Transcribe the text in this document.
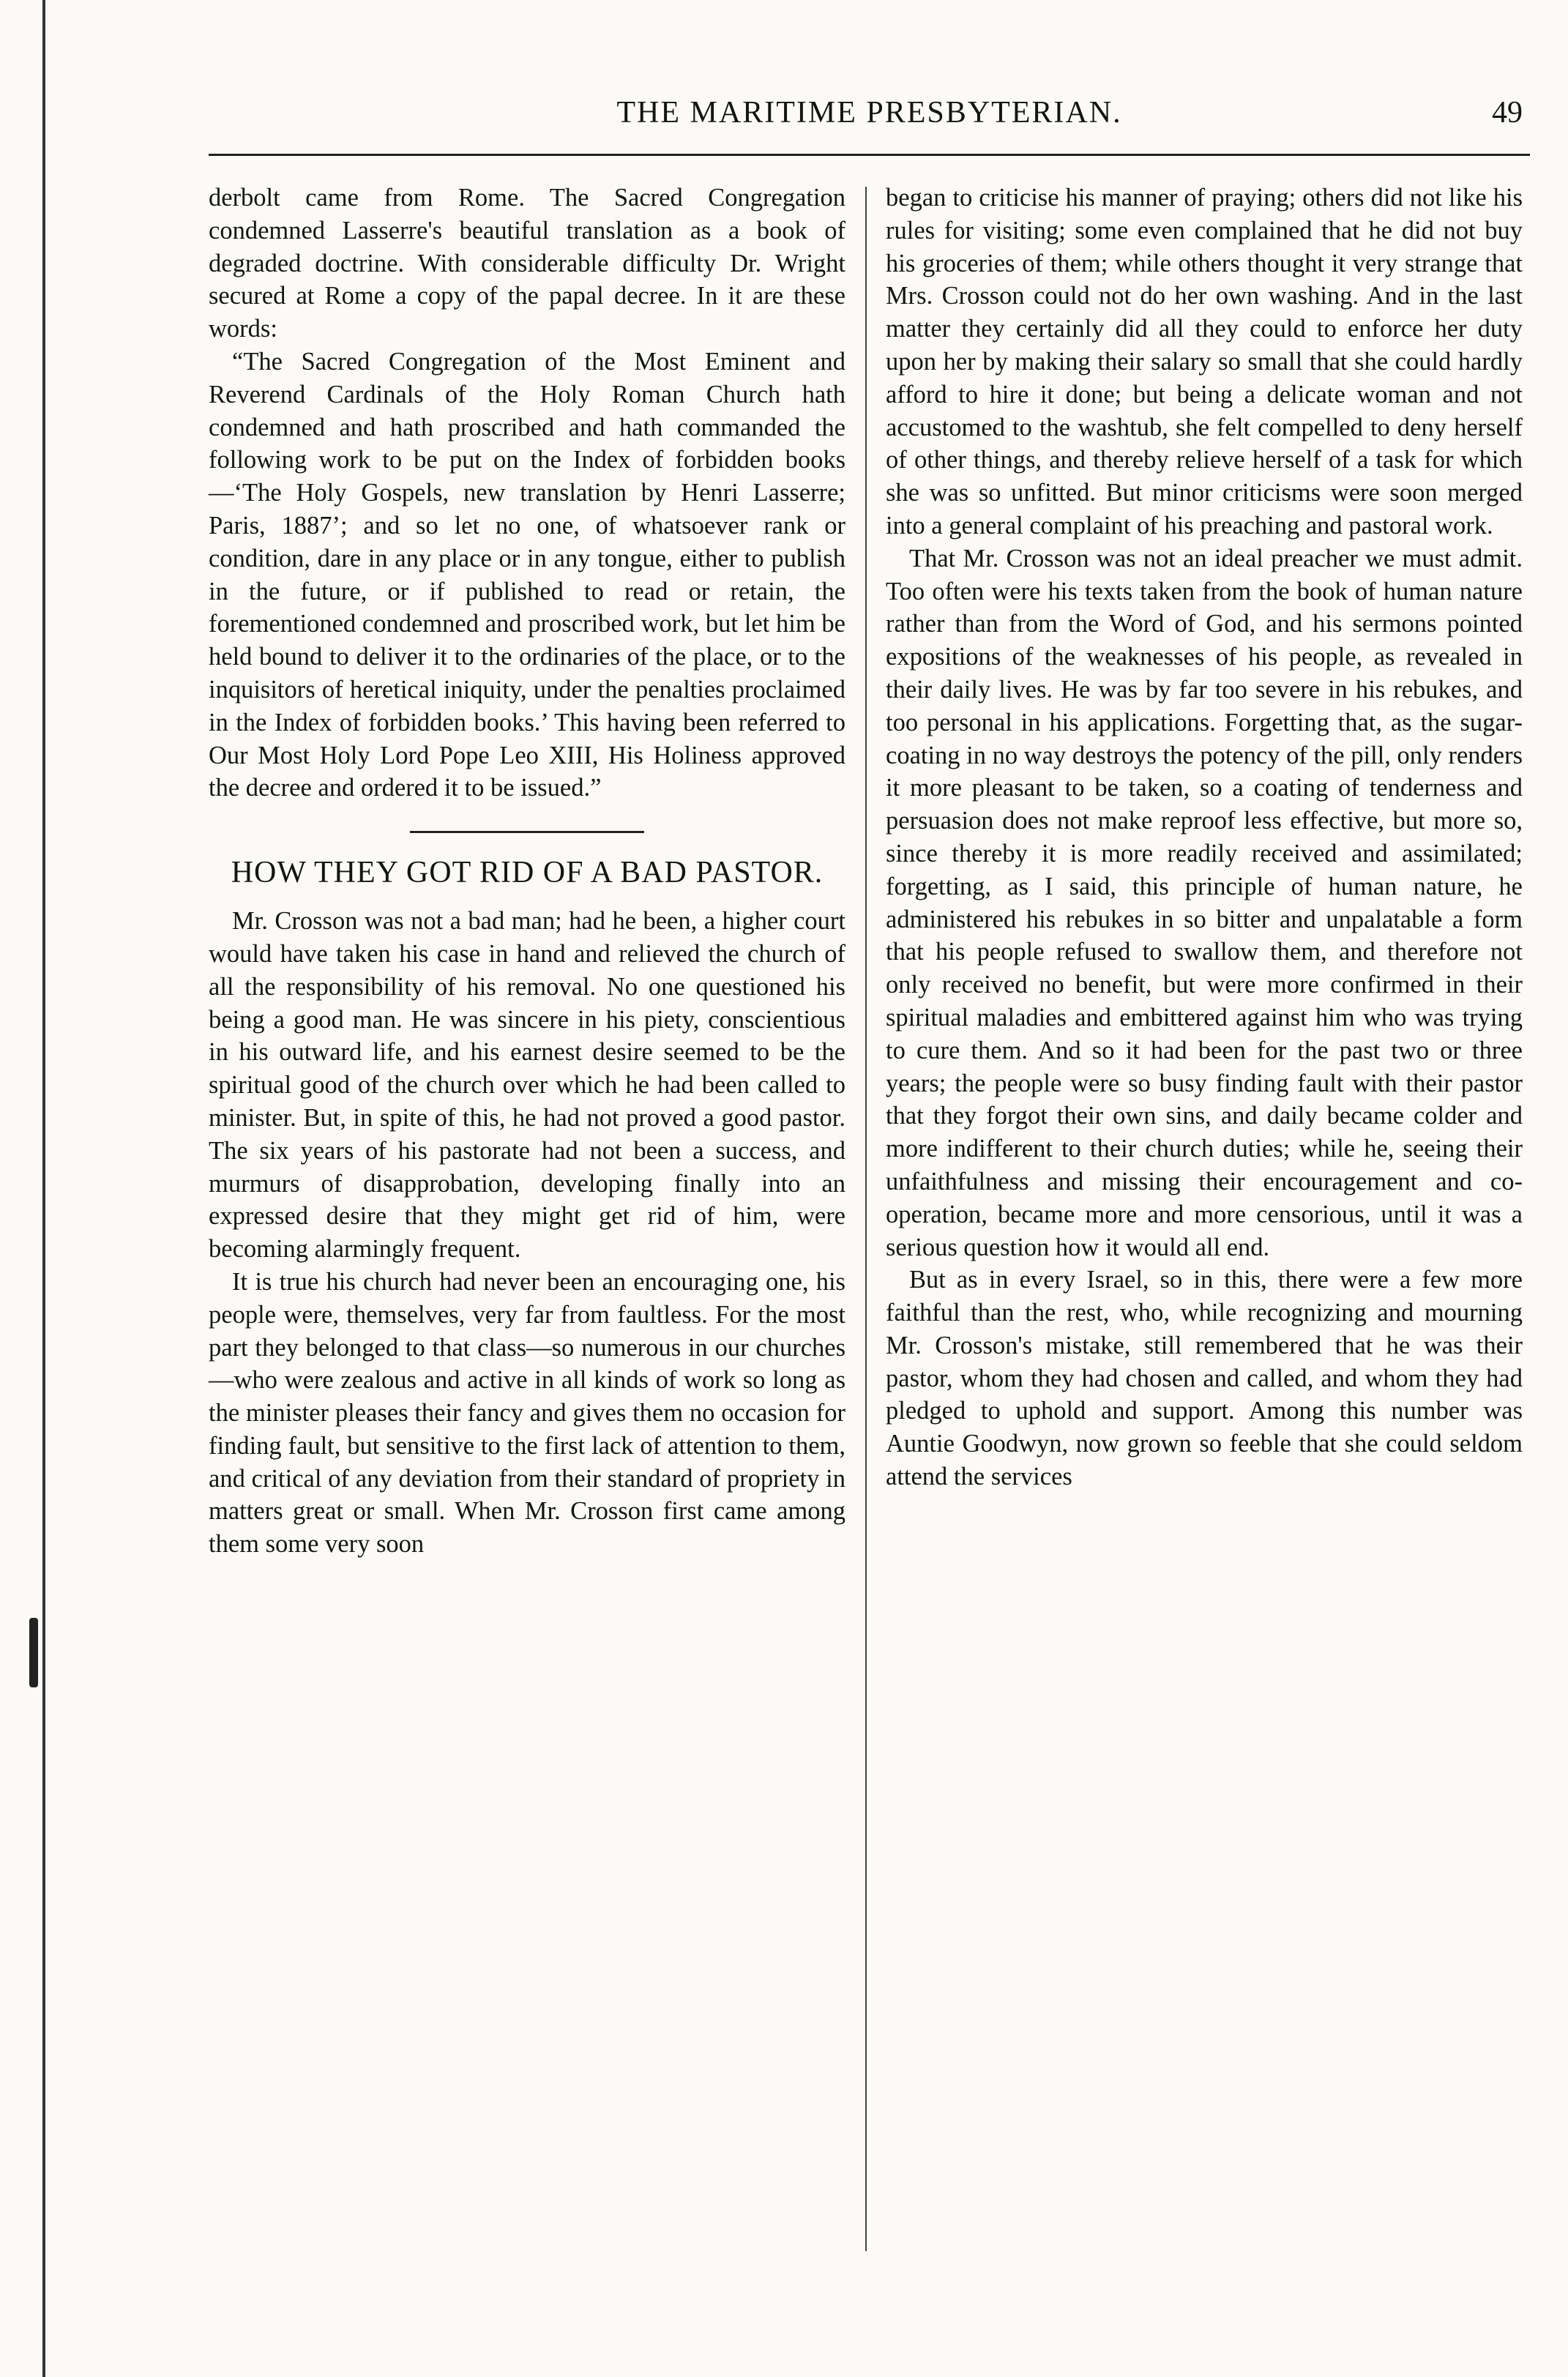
THE MARITIME PRESBYTERIAN.	49

derbolt came from Rome. The Sacred Congregation condemned Lasserre's beautiful translation as a book of degraded doctrine. With considerable difficulty Dr. Wright secured at Rome a copy of the papal decree. In it are these words:

“The Sacred Congregation of the Most Eminent and Reverend Cardinals of the Holy Roman Church hath condemned and hath proscribed and hath commanded the following work to be put on the Index of forbidden books—‘The Holy Gospels, new translation by Henri Lasserre; Paris, 1887’; and so let no one, of whatsoever rank or condition, dare in any place or in any tongue, either to publish in the future, or if published to read or retain, the forementioned condemned and proscribed work, but let him be held bound to deliver it to the ordinaries of the place, or to the inquisitors of heretical iniquity, under the penalties proclaimed in the Index of forbidden books.’ This having been referred to Our Most Holy Lord Pope Leo XIII, His Holiness approved the decree and ordered it to be issued.”

HOW THEY GOT RID OF A BAD PASTOR.

Mr. Crosson was not a bad man; had he been, a higher court would have taken his case in hand and relieved the church of all the responsibility of his removal. No one questioned his being a good man. He was sincere in his piety, conscientious in his outward life, and his earnest desire seemed to be the spiritual good of the church over which he had been called to minister. But, in spite of this, he had not proved a good pastor. The six years of his pastorate had not been a success, and murmurs of disapprobation, developing finally into an expressed desire that they might get rid of him, were becoming alarmingly frequent.

It is true his church had never been an encouraging one, his people were, themselves, very far from faultless. For the most part they belonged to that class—so numerous in our churches—who were zealous and active in all kinds of work so long as the minister pleases their fancy and gives them no occasion for finding fault, but sensitive to the first lack of attention to them, and critical of any deviation from their standard of propriety in matters great or small. When Mr. Crosson first came among them some very soon

began to criticise his manner of praying; others did not like his rules for visiting; some even complained that he did not buy his groceries of them; while others thought it very strange that Mrs. Crosson could not do her own washing. And in the last matter they certainly did all they could to enforce her duty upon her by making their salary so small that she could hardly afford to hire it done; but being a delicate woman and not accustomed to the washtub, she felt compelled to deny herself of other things, and thereby relieve herself of a task for which she was so unfitted. But minor criticisms were soon merged into a general complaint of his preaching and pastoral work.

That Mr. Crosson was not an ideal preacher we must admit. Too often were his texts taken from the book of human nature rather than from the Word of God, and his sermons pointed expositions of the weaknesses of his people, as revealed in their daily lives. He was by far too severe in his rebukes, and too personal in his applications. Forgetting that, as the sugar-coating in no way destroys the potency of the pill, only renders it more pleasant to be taken, so a coating of tenderness and persuasion does not make reproof less effective, but more so, since thereby it is more readily received and assimilated; forgetting, as I said, this principle of human nature, he administered his rebukes in so bitter and unpalatable a form that his people refused to swallow them, and therefore not only received no benefit, but were more confirmed in their spiritual maladies and embittered against him who was trying to cure them. And so it had been for the past two or three years; the people were so busy finding fault with their pastor that they forgot their own sins, and daily became colder and more indifferent to their church duties; while he, seeing their unfaithfulness and missing their encouragement and co-operation, became more and more censorious, until it was a serious question how it would all end.

But as in every Israel, so in this, there were a few more faithful than the rest, who, while recognizing and mourning Mr. Crosson's mistake, still remembered that he was their pastor, whom they had chosen and called, and whom they had pledged to uphold and support. Among this number was Auntie Goodwyn, now grown so feeble that she could seldom attend the services
